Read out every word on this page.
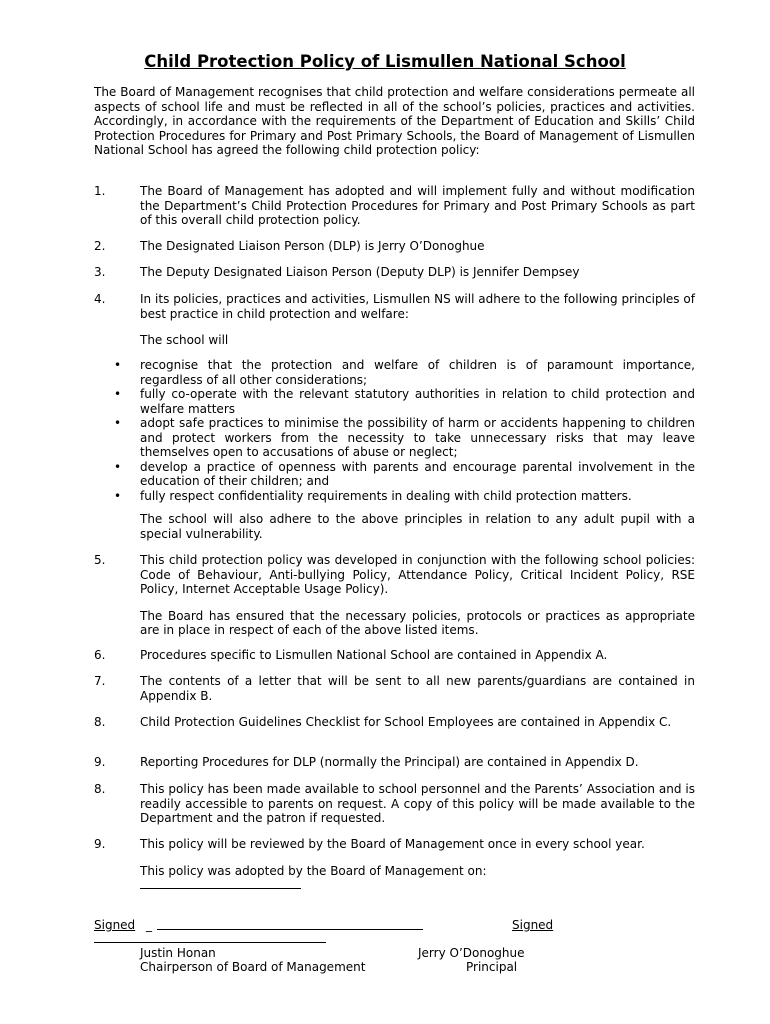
Child Protection Policy of Lismullen National School

The Board of Management recognises that child protection and welfare considerations permeate all aspects of school life and must be reflected in all of the school’s policies, practices and activities. Accordingly, in accordance with the requirements of the Department of Education and Skills’ Child Protection Procedures for Primary and Post Primary Schools, the Board of Management of Lismullen National School has agreed the following child protection policy:

1.	The Board of Management has adopted and will implement fully and without modification the Department’s Child Protection Procedures for Primary and Post Primary Schools as part of this overall child protection policy.

2.	The Designated Liaison Person (DLP) is Jerry O’Donoghue

3.	The Deputy Designated Liaison Person (Deputy DLP) is Jennifer Dempsey

4.	In its policies, practices and activities, Lismullen NS will adhere to the following principles of best practice in child protection and welfare:

The school will

• recognise that the protection and welfare of children is of paramount importance, regardless of all other considerations;
• fully co-operate with the relevant statutory authorities in relation to child protection and welfare matters
• adopt safe practices to minimise the possibility of harm or accidents happening to children and protect workers from the necessity to take unnecessary risks that may leave themselves open to accusations of abuse or neglect;
• develop a practice of openness with parents and encourage parental involvement in the education of their children; and
• fully respect confidentiality requirements in dealing with child protection matters.

The school will also adhere to the above principles in relation to any adult pupil with a special vulnerability.

5.	This child protection policy was developed in conjunction with the following school policies: Code of Behaviour, Anti-bullying Policy, Attendance Policy, Critical Incident Policy, RSE Policy, Internet Acceptable Usage Policy).

The Board has ensured that the necessary policies, protocols or practices as appropriate are in place in respect of each of the above listed items.

6.	Procedures specific to Lismullen National School are contained in Appendix A.

7.	The contents of a letter that will be sent to all new parents/guardians are contained in Appendix B.

8.	Child Protection Guidelines Checklist for School Employees are contained in Appendix C.

9.	Reporting Procedures for DLP (normally the Principal) are contained in Appendix D.

8.	This policy has been made available to school personnel and the Parents’ Association and is readily accessible to parents on request. A copy of this policy will be made available to the Department and the patron if requested.

9.	This policy will be reviewed by the Board of Management once in every school year.

This policy was adopted by the Board of Management on:

Signed _	Signed
Justin Honan
Chairperson of Board of Management
Jerry O’Donoghue
Principal
